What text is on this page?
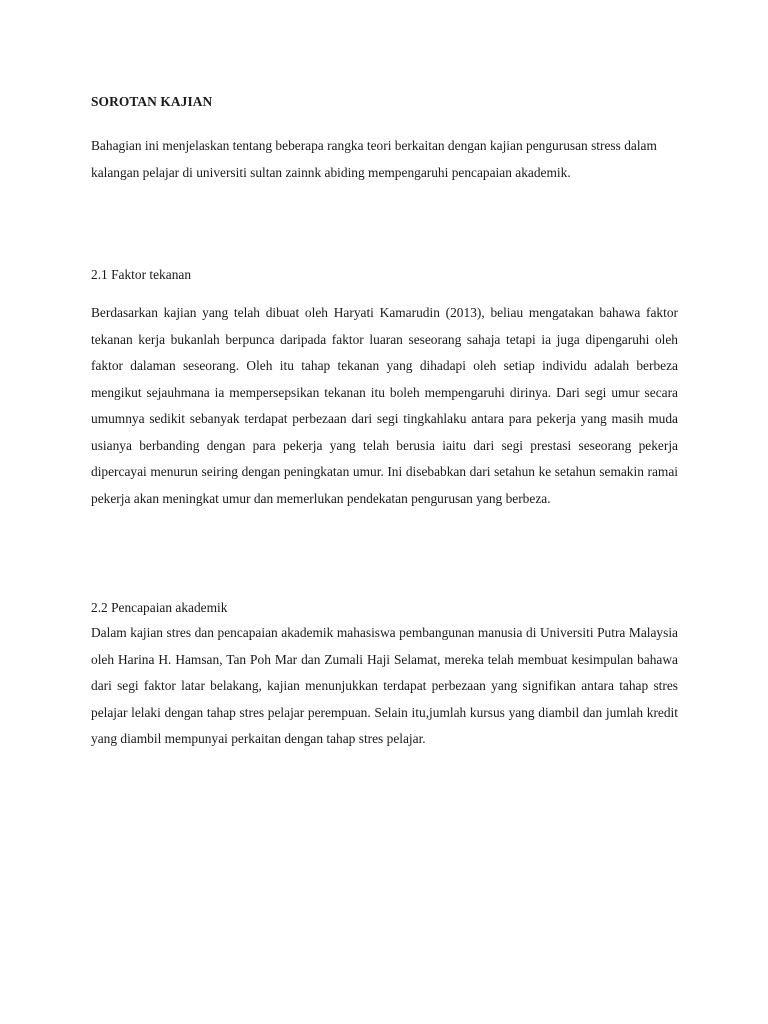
SOROTAN KAJIAN

Bahagian ini menjelaskan tentang beberapa rangka teori berkaitan dengan kajian pengurusan stress dalam kalangan pelajar di universiti sultan zainnk abiding mempengaruhi pencapaian akademik.

2.1 Faktor tekanan

Berdasarkan kajian yang telah dibuat oleh Haryati Kamarudin (2013), beliau mengatakan bahawa faktor tekanan kerja bukanlah berpunca daripada faktor luaran seseorang sahaja tetapi ia juga dipengaruhi oleh faktor dalaman seseorang. Oleh itu tahap tekanan yang dihadapi oleh setiap individu adalah berbeza mengikut sejauhmana ia mempersepsikan tekanan itu boleh mempengaruhi dirinya. Dari segi umur secara umumnya sedikit sebanyak terdapat perbezaan dari segi tingkahlaku antara para pekerja yang masih muda usianya berbanding dengan para pekerja yang telah berusia iaitu dari segi prestasi seseorang pekerja dipercayai menurun seiring dengan peningkatan umur. Ini disebabkan dari setahun ke setahun semakin ramai pekerja akan meningkat umur dan memerlukan pendekatan pengurusan yang berbeza.

2.2 Pencapaian akademik

Dalam kajian stres dan pencapaian akademik mahasiswa pembangunan manusia di Universiti Putra Malaysia oleh Harina H. Hamsan, Tan Poh Mar dan Zumali Haji Selamat, mereka telah membuat kesimpulan bahawa dari segi faktor latar belakang, kajian menunjukkan terdapat perbezaan yang signifikan antara tahap stres pelajar lelaki dengan tahap stres pelajar perempuan. Selain itu,jumlah kursus yang diambil dan jumlah kredit yang diambil mempunyai perkaitan dengan tahap stres pelajar.
